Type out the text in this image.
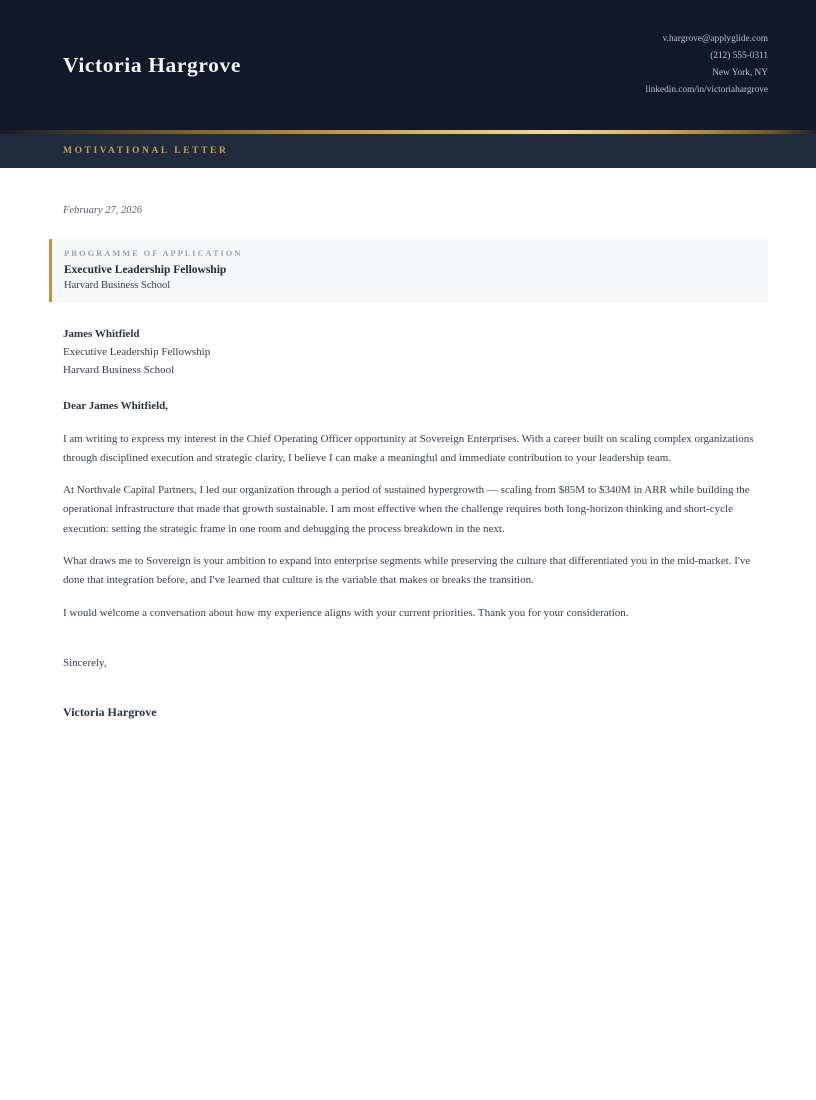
Victoria Hargrove
v.hargrove@applyglide.com
(212) 555-0311
New York, NY
linkedin.com/in/victoriahargrove
MOTIVATIONAL LETTER

February 27, 2026

PROGRAMME OF APPLICATION
Executive Leadership Fellowship
Harvard Business School

James Whitfield

Executive Leadership Fellowship

Harvard Business School

Dear James Whitfield,

I am writing to express my interest in the Chief Operating Officer opportunity at Sovereign Enterprises. With a career built on scaling complex organizations through disciplined execution and strategic clarity, I believe I can make a meaningful and immediate contribution to your leadership team.

At Northvale Capital Partners, I led our organization through a period of sustained hypergrowth — scaling from $85M to $340M in ARR while building the operational infrastructure that made that growth sustainable. I am most effective when the challenge requires both long-horizon thinking and short-cycle execution: setting the strategic frame in one room and debugging the process breakdown in the next.

What draws me to Sovereign is your ambition to expand into enterprise segments while preserving the culture that differentiated you in the mid-market. I've done that integration before, and I've learned that culture is the variable that makes or breaks the transition.

I would welcome a conversation about how my experience aligns with your current priorities. Thank you for your consideration.

Sincerely,

Victoria Hargrove
